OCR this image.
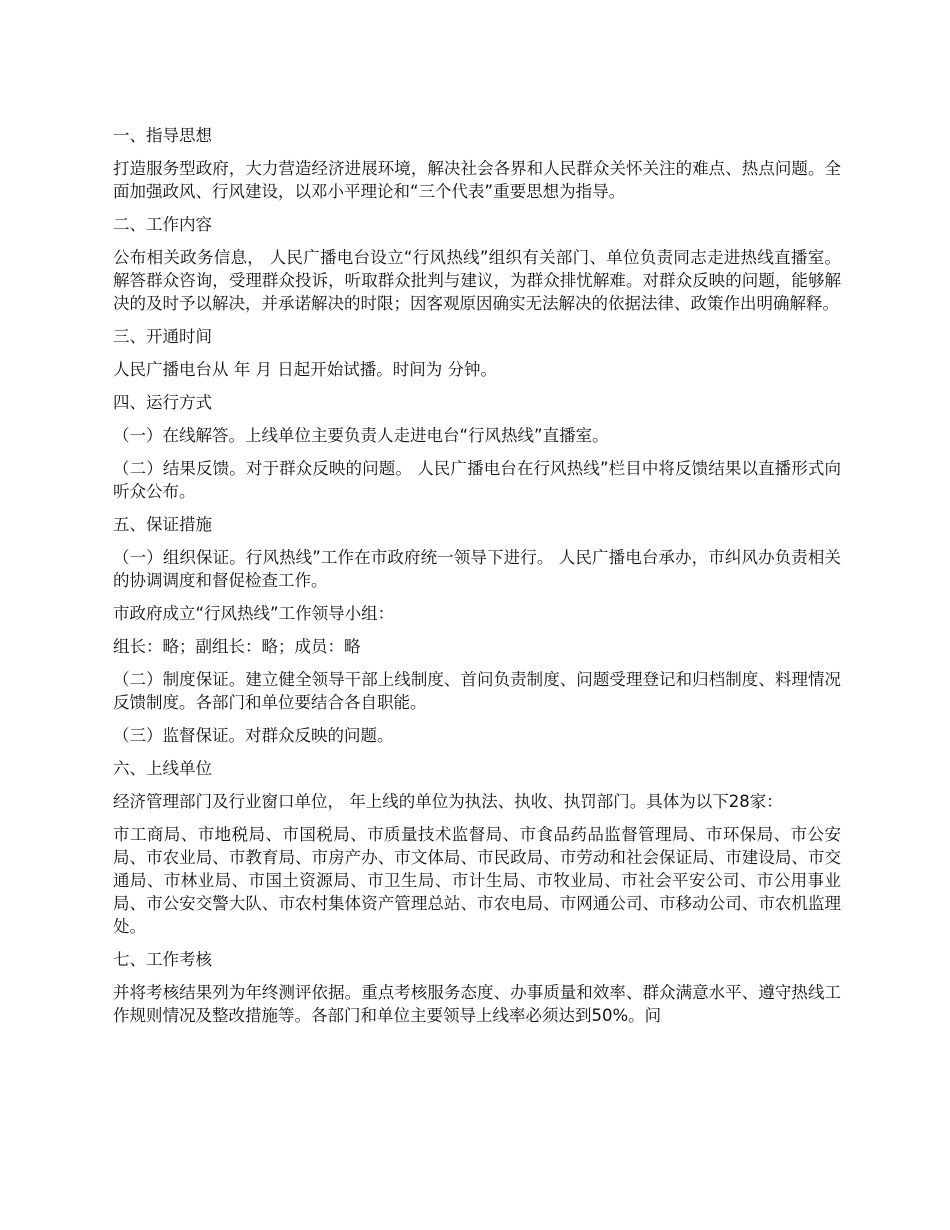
一、指导思想

打造服务型政府，大力营造经济进展环境，解决社会各界和人民群众关怀关注的难点、热点问题。全面加强政风、行风建设，以邓小平理论和“三个代表”重要思想为指导。

二、工作内容

公布相关政务信息， 人民广播电台设立“行风热线”组织有关部门、单位负责同志走进热线直播室。解答群众咨询，受理群众投诉，听取群众批判与建议，为群众排忧解难。对群众反映的问题，能够解决的及时予以解决，并承诺解决的时限；因客观原因确实无法解决的依据法律、政策作出明确解释。

三、开通时间

人民广播电台从 年 月 日起开始试播。时间为 分钟。

四、运行方式

（一）在线解答。上线单位主要负责人走进电台“行风热线”直播室。

（二）结果反馈。对于群众反映的问题。 人民广播电台在行风热线”栏目中将反馈结果以直播形式向听众公布。

五、保证措施

（一）组织保证。行风热线”工作在市政府统一领导下进行。 人民广播电台承办，市纠风办负责相关的协调调度和督促检查工作。

市政府成立“行风热线”工作领导小组：

组长：略；副组长：略；成员：略

（二）制度保证。建立健全领导干部上线制度、首问负责制度、问题受理登记和归档制度、料理情况反馈制度。各部门和单位要结合各自职能。

（三）监督保证。对群众反映的问题。

六、上线单位

经济管理部门及行业窗口单位， 年上线的单位为执法、执收、执罚部门。具体为以下28家：

市工商局、市地税局、市国税局、市质量技术监督局、市食品药品监督管理局、市环保局、市公安局、市农业局、市教育局、市房产办、市文体局、市民政局、市劳动和社会保证局、市建设局、市交通局、市林业局、市国土资源局、市卫生局、市计生局、市牧业局、市社会平安公司、市公用事业局、市公安交警大队、市农村集体资产管理总站、市农电局、市网通公司、市移动公司、市农机监理处。

七、工作考核

并将考核结果列为年终测评依据。重点考核服务态度、办事质量和效率、群众满意水平、遵守热线工作规则情况及整改措施等。各部门和单位主要领导上线率必须达到50%。问
